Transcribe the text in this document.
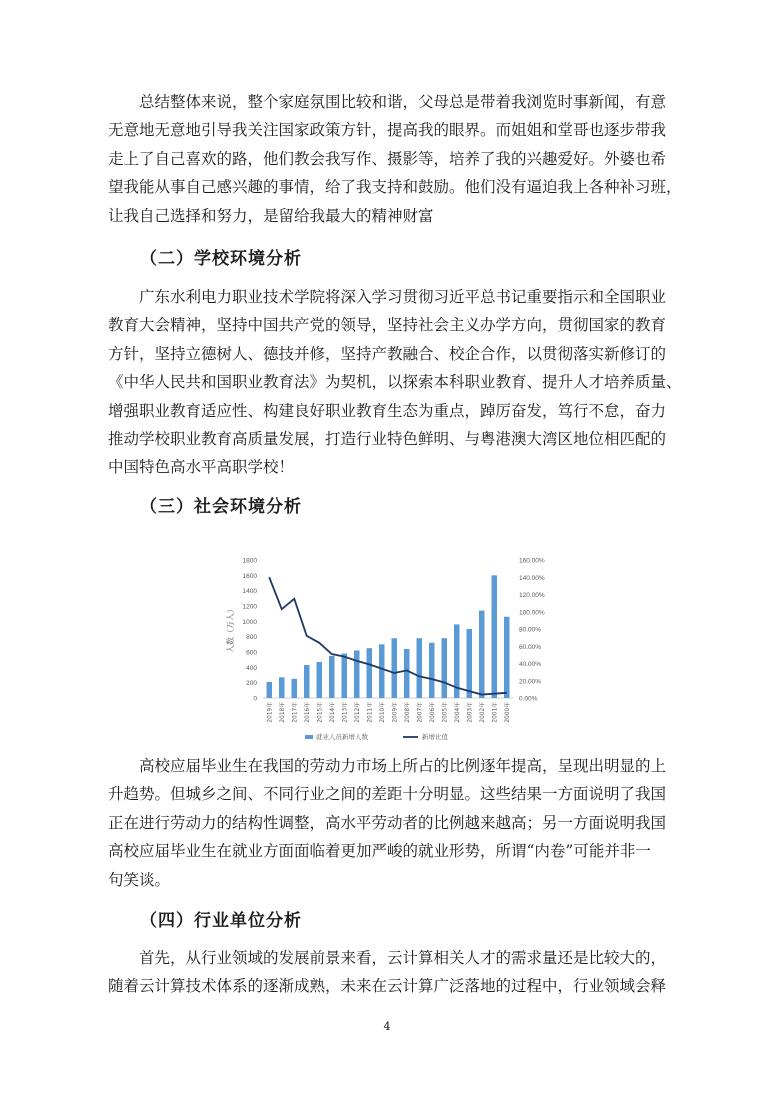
　　总结整体来说，整个家庭氛围比较和谐，父母总是带着我浏览时事新闻，有意
无意地无意地引导我关注国家政策方针，提高我的眼界。而姐姐和堂哥也逐步带我
走上了自己喜欢的路，他们教会我写作、摄影等，培养了我的兴趣爱好。外婆也希
望我能从事自己感兴趣的事情，给了我支持和鼓励。他们没有逼迫我上各种补习班，
让我自己选择和努力，是留给我最大的精神财富

（二）学校环境分析

　　广东水利电力职业技术学院将深入学习贯彻习近平总书记重要指示和全国职业
教育大会精神，坚持中国共产党的领导，坚持社会主义办学方向，贯彻国家的教育
方针，坚持立德树人、德技并修，坚持产教融合、校企合作，以贯彻落实新修订的
《中华人民共和国职业教育法》为契机，以探索本科职业教育、提升人才培养质量、
增强职业教育适应性、构建良好职业教育生态为重点，踔厉奋发，笃行不怠，奋力
推动学校职业教育高质量发展，打造行业特色鲜明、与粤港澳大湾区地位相匹配的
中国特色高水平高职学校！

（三）社会环境分析
0
200
400
600
800
1000
1200
1400
1600
1800
0.00%
20.00%
40.00%
60.00%
80.00%
100.00%
120.00%
140.00%
160.00%
人数（万人）
2019年	2018年	2017年	2016年	2015年	2014年	2013年	2012年	2011年	2010年	2009年	2008年	2007年	2006年	2005年	2004年	2003年	2002年	2001年	2000年
就业人员新增人数	新增比值

　　高校应届毕业生在我国的劳动力市场上所占的比例逐年提高，呈现出明显的上
升趋势。但城乡之间、不同行业之间的差距十分明显。这些结果一方面说明了我国
正在进行劳动力的结构性调整，高水平劳动者的比例越来越高；另一方面说明我国
高校应届毕业生在就业方面面临着更加严峻的就业形势，所谓“内卷”可能并非一
句笑谈。

（四）行业单位分析

　　首先，从行业领域的发展前景来看，云计算相关人才的需求量还是比较大的，
随着云计算技术体系的逐渐成熟，未来在云计算广泛落地的过程中，行业领域会释

4
